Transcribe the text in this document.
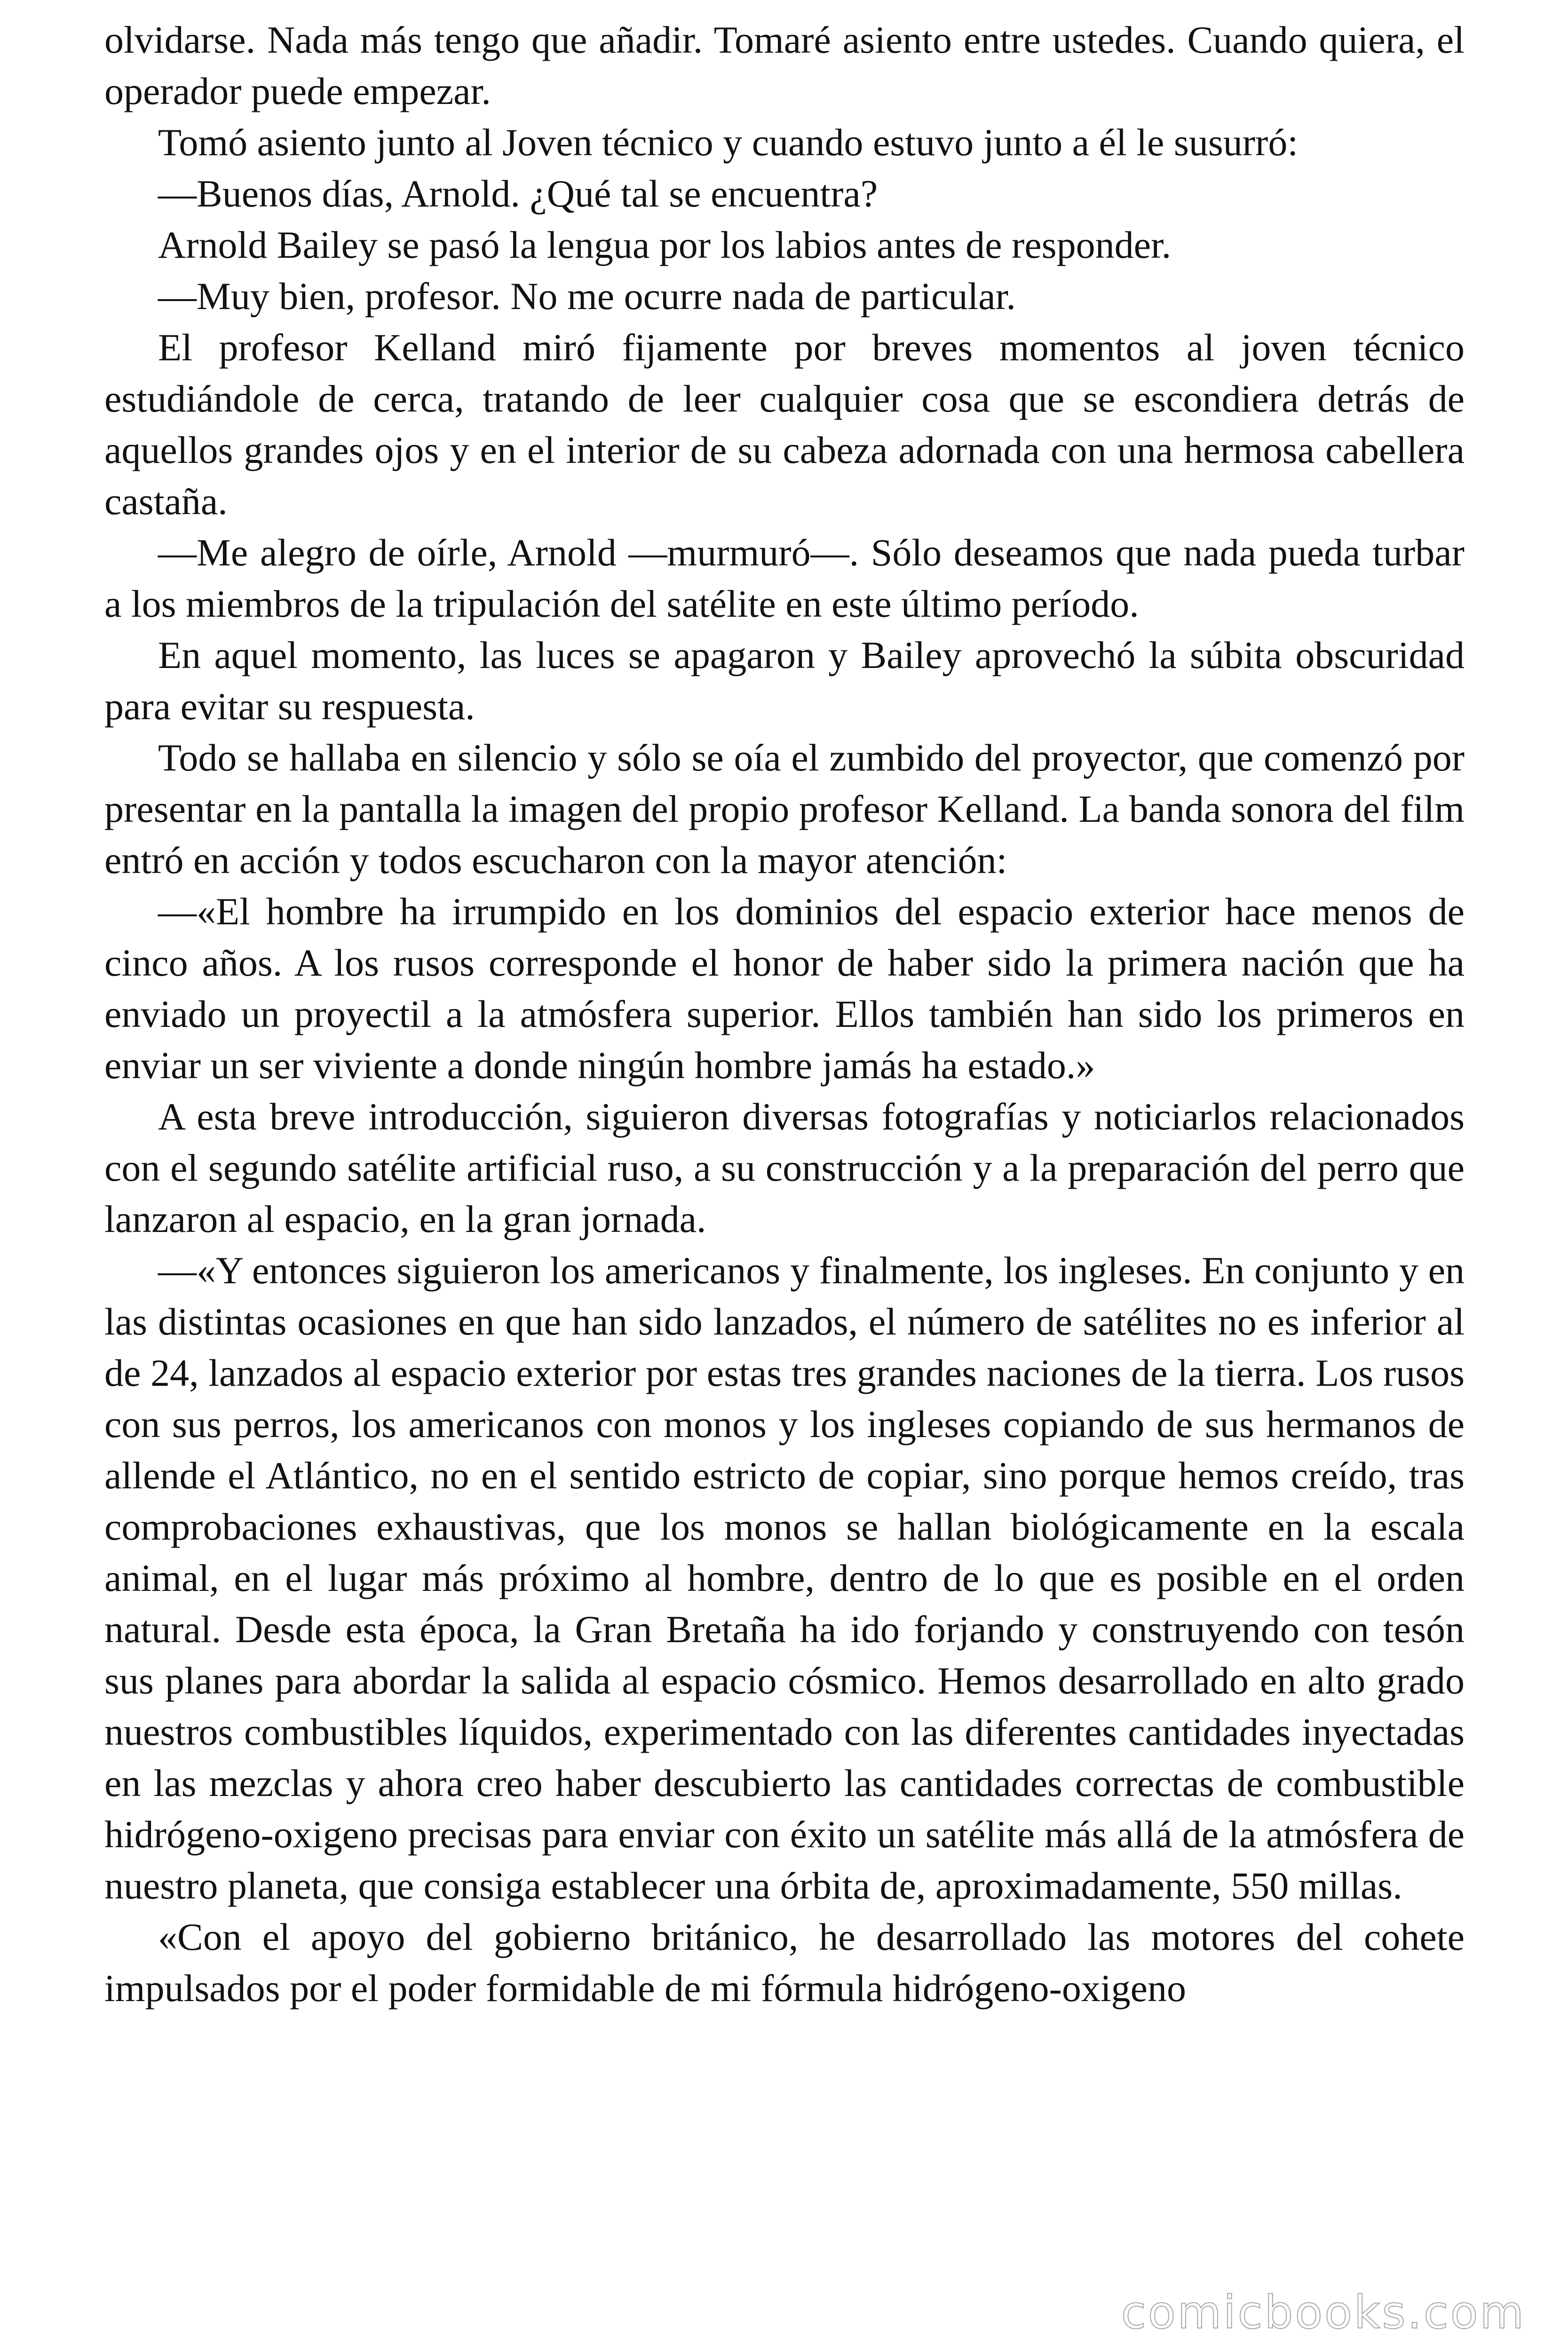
olvidarse. Nada más tengo que añadir. Tomaré asiento entre ustedes. Cuando quiera, el operador puede empezar.

Tomó asiento junto al Joven técnico y cuando estuvo junto a él le susurró:

—Buenos días, Arnold. ¿Qué tal se encuentra?

Arnold Bailey se pasó la lengua por los labios antes de responder.

—Muy bien, profesor. No me ocurre nada de particular.

El profesor Kelland miró fijamente por breves momentos al joven técnico estudiándole de cerca, tratando de leer cualquier cosa que se escondiera detrás de aquellos grandes ojos y en el interior de su cabeza adornada con una hermosa cabellera castaña.

—Me alegro de oírle, Arnold —murmuró—. Sólo deseamos que nada pueda turbar a los miembros de la tripulación del satélite en este último período.

En aquel momento, las luces se apagaron y Bailey aprovechó la súbita obscuridad para evitar su respuesta.

Todo se hallaba en silencio y sólo se oía el zumbido del proyector, que comenzó por presentar en la pantalla la imagen del propio profesor Kelland. La banda sonora del film entró en acción y todos escucharon con la mayor atención:

—«El hombre ha irrumpido en los dominios del espacio exterior hace menos de cinco años. A los rusos corresponde el honor de haber sido la primera nación que ha enviado un proyectil a la atmósfera superior. Ellos también han sido los primeros en enviar un ser viviente a donde ningún hombre jamás ha estado.»

A esta breve introducción, siguieron diversas fotografías y noticiarlos relacionados con el segundo satélite artificial ruso, a su construcción y a la preparación del perro que lanzaron al espacio, en la gran jornada.

—«Y entonces siguieron los americanos y finalmente, los ingleses. En conjunto y en las distintas ocasiones en que han sido lanzados, el número de satélites no es inferior al de 24, lanzados al espacio exterior por estas tres grandes naciones de la tierra. Los rusos con sus perros, los americanos con monos y los ingleses copiando de sus hermanos de allende el Atlántico, no en el sentido estricto de copiar, sino porque hemos creído, tras comprobaciones exhaustivas, que los monos se hallan biológicamente en la escala animal, en el lugar más próximo al hombre, dentro de lo que es posible en el orden natural. Desde esta época, la Gran Bretaña ha ido forjando y construyendo con tesón sus planes para abordar la salida al espacio cósmico. Hemos desarrollado en alto grado nuestros combustibles líquidos, experimentado con las diferentes cantidades inyectadas en las mezclas y ahora creo haber descubierto las cantidades correctas de combustible hidrógeno-oxigeno precisas para enviar con éxito un satélite más allá de la atmósfera de nuestro planeta, que consiga establecer una órbita de, aproximadamente, 550 millas.

«Con el apoyo del gobierno británico, he desarrollado las motores del cohete impulsados por el poder formidable de mi fórmula hidrógeno-oxigeno

comicbooks.com
